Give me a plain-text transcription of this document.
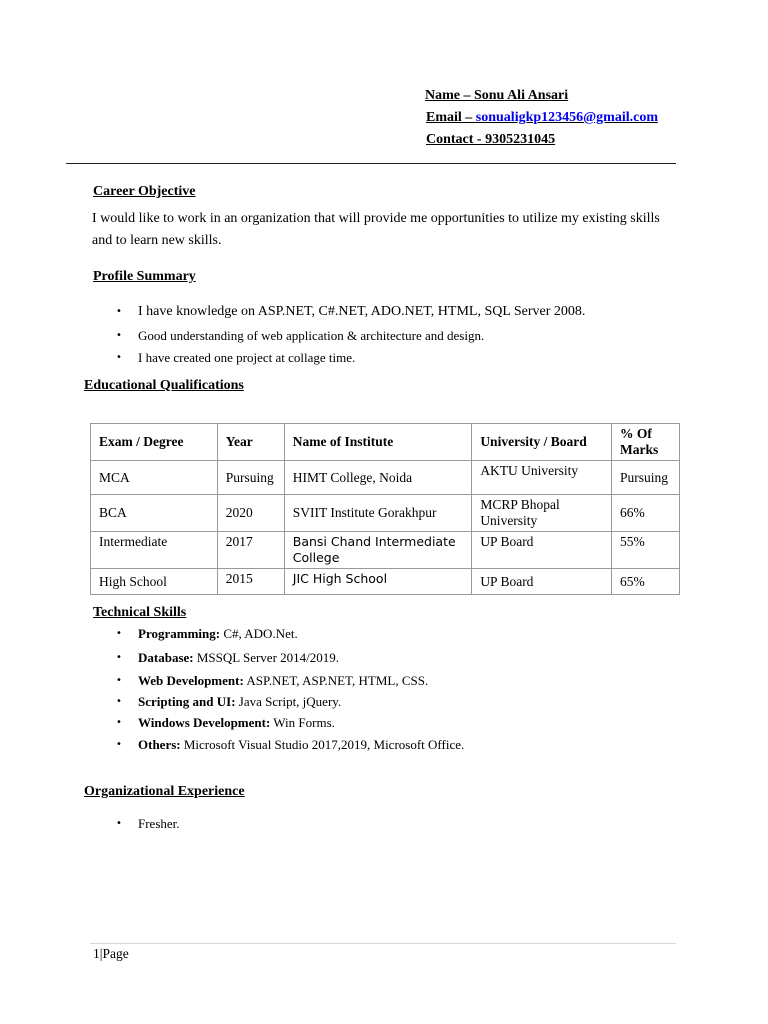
Name – Sonu Ali Ansari
Email – sonualigkp123456@gmail.com
Contact - 9305231045
Career Objective
I would like to work in an organization that will provide me opportunities to utilize my existing skills and to learn new skills.
Profile Summary
• I have knowledge on ASP.NET, C#.NET, ADO.NET, HTML, SQL Server 2008.
• Good understanding of web application & architecture and design.
• I have created one project at collage time.
Educational Qualifications
Exam / Degree	Year	Name of Institute	University / Board	% Of Marks
MCA	Pursuing	HIMT College, Noida	AKTU University	Pursuing
BCA	2020	SVIIT Institute Gorakhpur	MCRP Bhopal University	66%
Intermediate	2017	Bansi Chand Intermediate College	UP Board	55%
High School	2015	JIC High School	UP Board	65%
Technical Skills
• Programming: C#, ADO.Net.
• Database: MSSQL Server 2014/2019.
• Web Development: ASP.NET, ASP.NET, HTML, CSS.
• Scripting and UI: Java Script, jQuery.
• Windows Development: Win Forms.
• Others: Microsoft Visual Studio 2017,2019, Microsoft Office.
Organizational Experience
• Fresher.
1|Page
